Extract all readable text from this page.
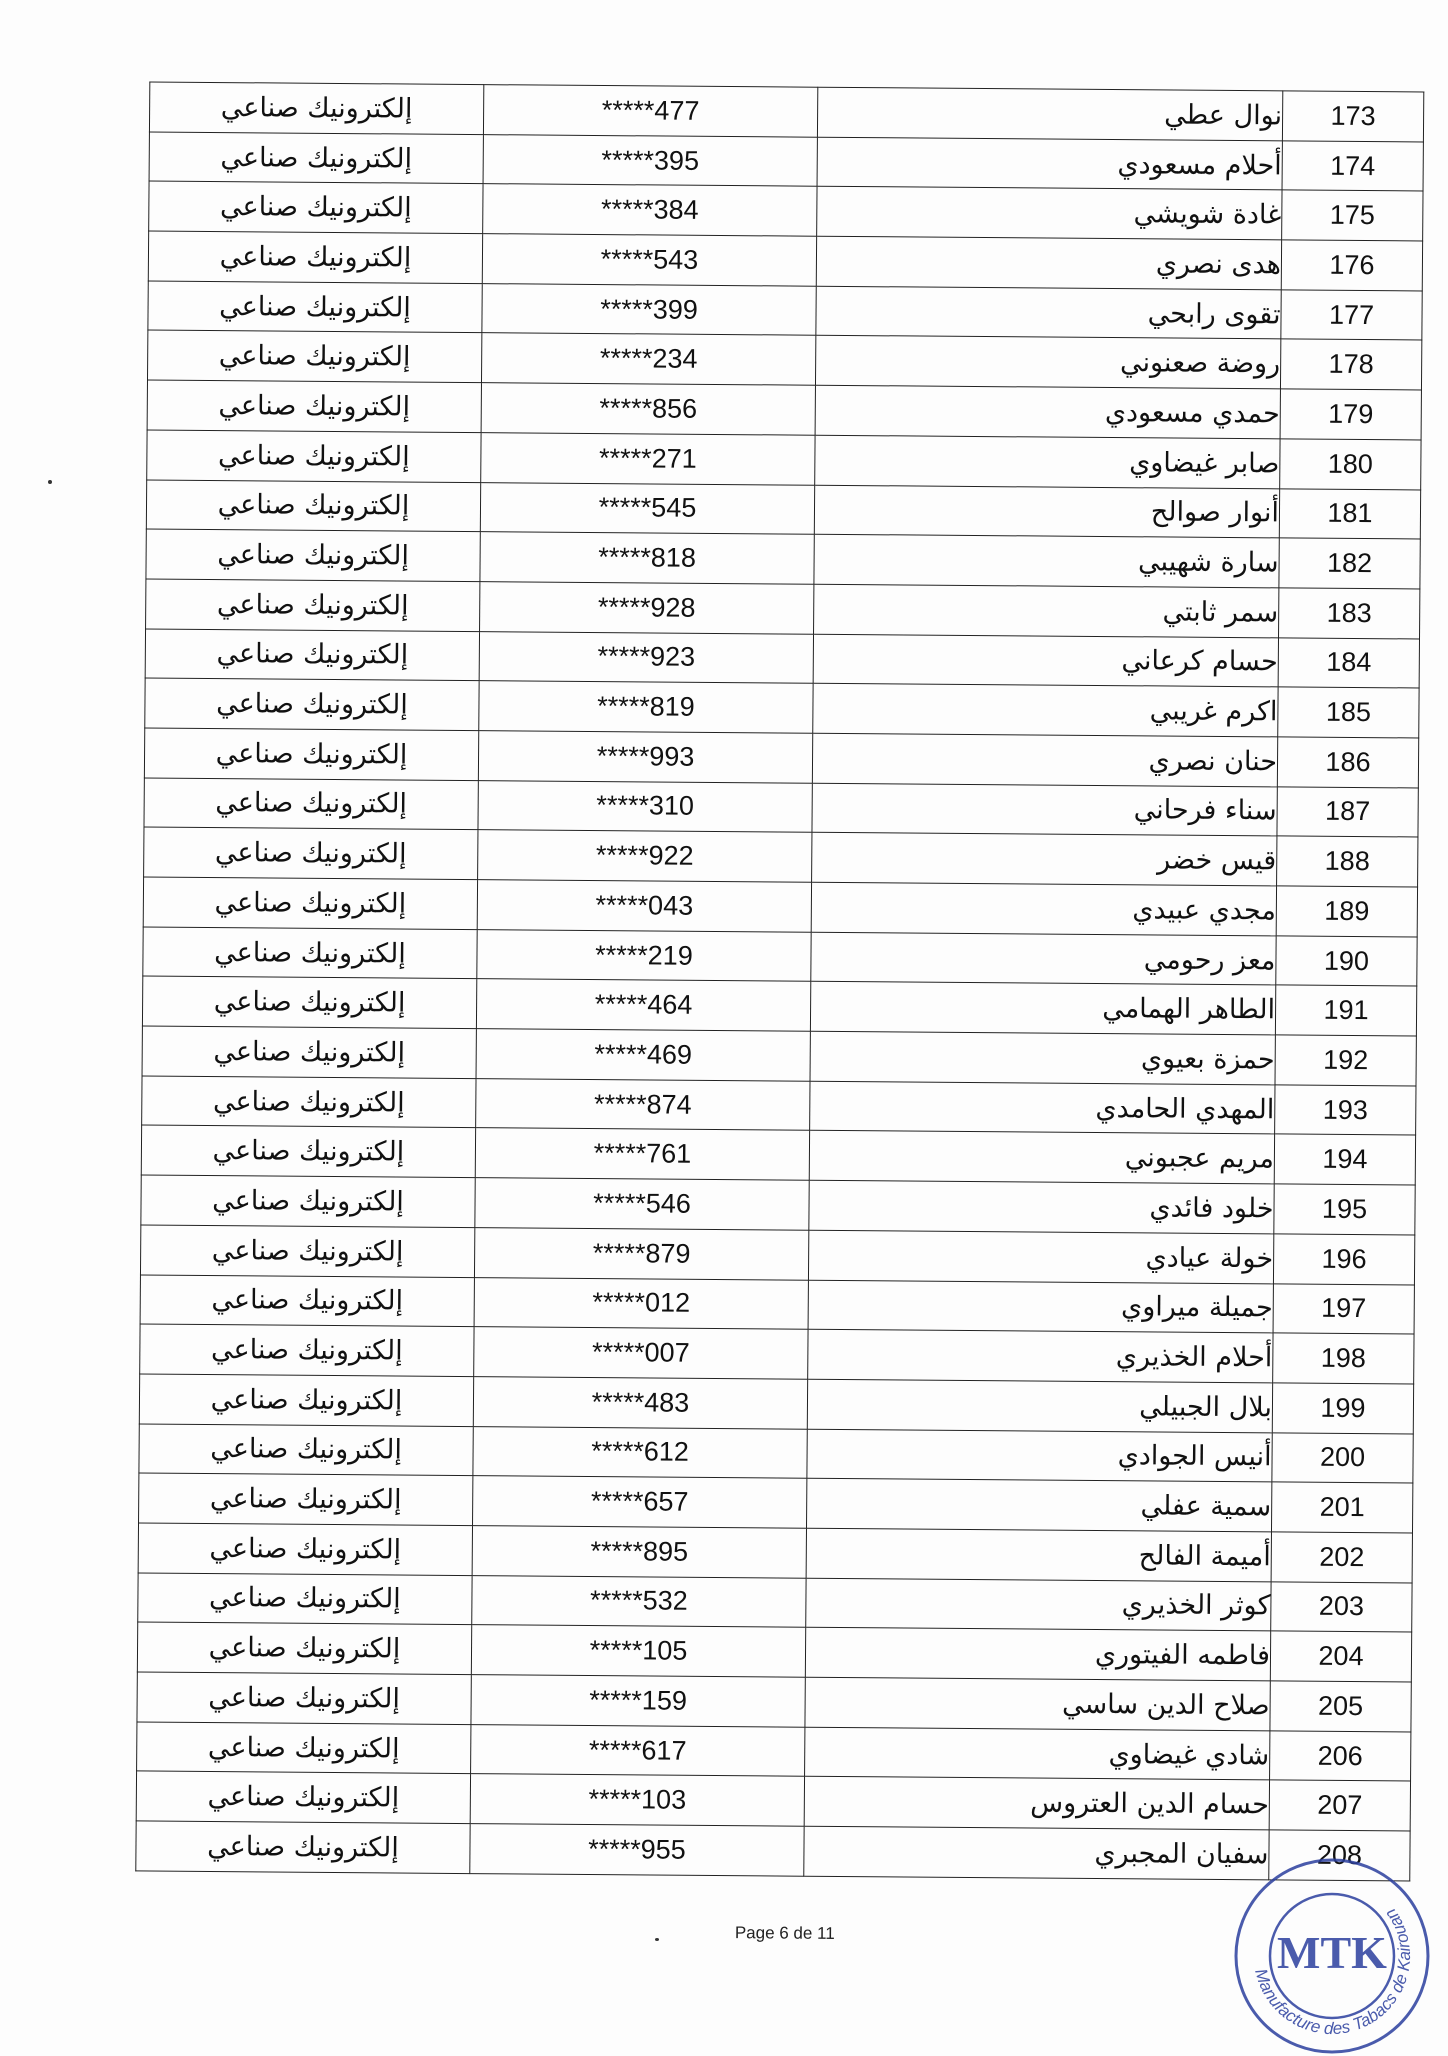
إلكترونيك صناعي	*****477	نوال عطي	173
إلكترونيك صناعي	*****395	أحلام مسعودي	174
إلكترونيك صناعي	*****384	غادة شويشي	175
إلكترونيك صناعي	*****543	هدى نصري	176
إلكترونيك صناعي	*****399	تقوى رابحي	177
إلكترونيك صناعي	*****234	روضة صعنوني	178
إلكترونيك صناعي	*****856	حمدي مسعودي	179
إلكترونيك صناعي	*****271	صابر غيضاوي	180
إلكترونيك صناعي	*****545	أنوار صوالح	181
إلكترونيك صناعي	*****818	سارة شهيبي	182
إلكترونيك صناعي	*****928	سمر ثابتي	183
إلكترونيك صناعي	*****923	حسام كرعاني	184
إلكترونيك صناعي	*****819	اكرم غريبي	185
إلكترونيك صناعي	*****993	حنان نصري	186
إلكترونيك صناعي	*****310	سناء فرحاني	187
إلكترونيك صناعي	*****922	قيس خضر	188
إلكترونيك صناعي	*****043	مجدي عبيدي	189
إلكترونيك صناعي	*****219	معز رحومي	190
إلكترونيك صناعي	*****464	الطاهر الهمامي	191
إلكترونيك صناعي	*****469	حمزة بعيوي	192
إلكترونيك صناعي	*****874	المهدي الحامدي	193
إلكترونيك صناعي	*****761	مريم عجبوني	194
إلكترونيك صناعي	*****546	خلود فائدي	195
إلكترونيك صناعي	*****879	خولة عيادي	196
إلكترونيك صناعي	*****012	جميلة ميراوي	197
إلكترونيك صناعي	*****007	أحلام الخذيري	198
إلكترونيك صناعي	*****483	بلال الجبيلي	199
إلكترونيك صناعي	*****612	أنيس الجوادي	200
إلكترونيك صناعي	*****657	سمية عفلي	201
إلكترونيك صناعي	*****895	أميمة الفالح	202
إلكترونيك صناعي	*****532	كوثر الخذيري	203
إلكترونيك صناعي	*****105	فاطمه الفيتوري	204
إلكترونيك صناعي	*****159	صلاح الدين ساسي	205
إلكترونيك صناعي	*****617	شادي غيضاوي	206
إلكترونيك صناعي	*****103	حسام الدين العتروس	207
إلكترونيك صناعي	*****955	سفيان المجبري	208
Page 6 de 11
Manufacture des Tabacs de Kairouan
MTK
